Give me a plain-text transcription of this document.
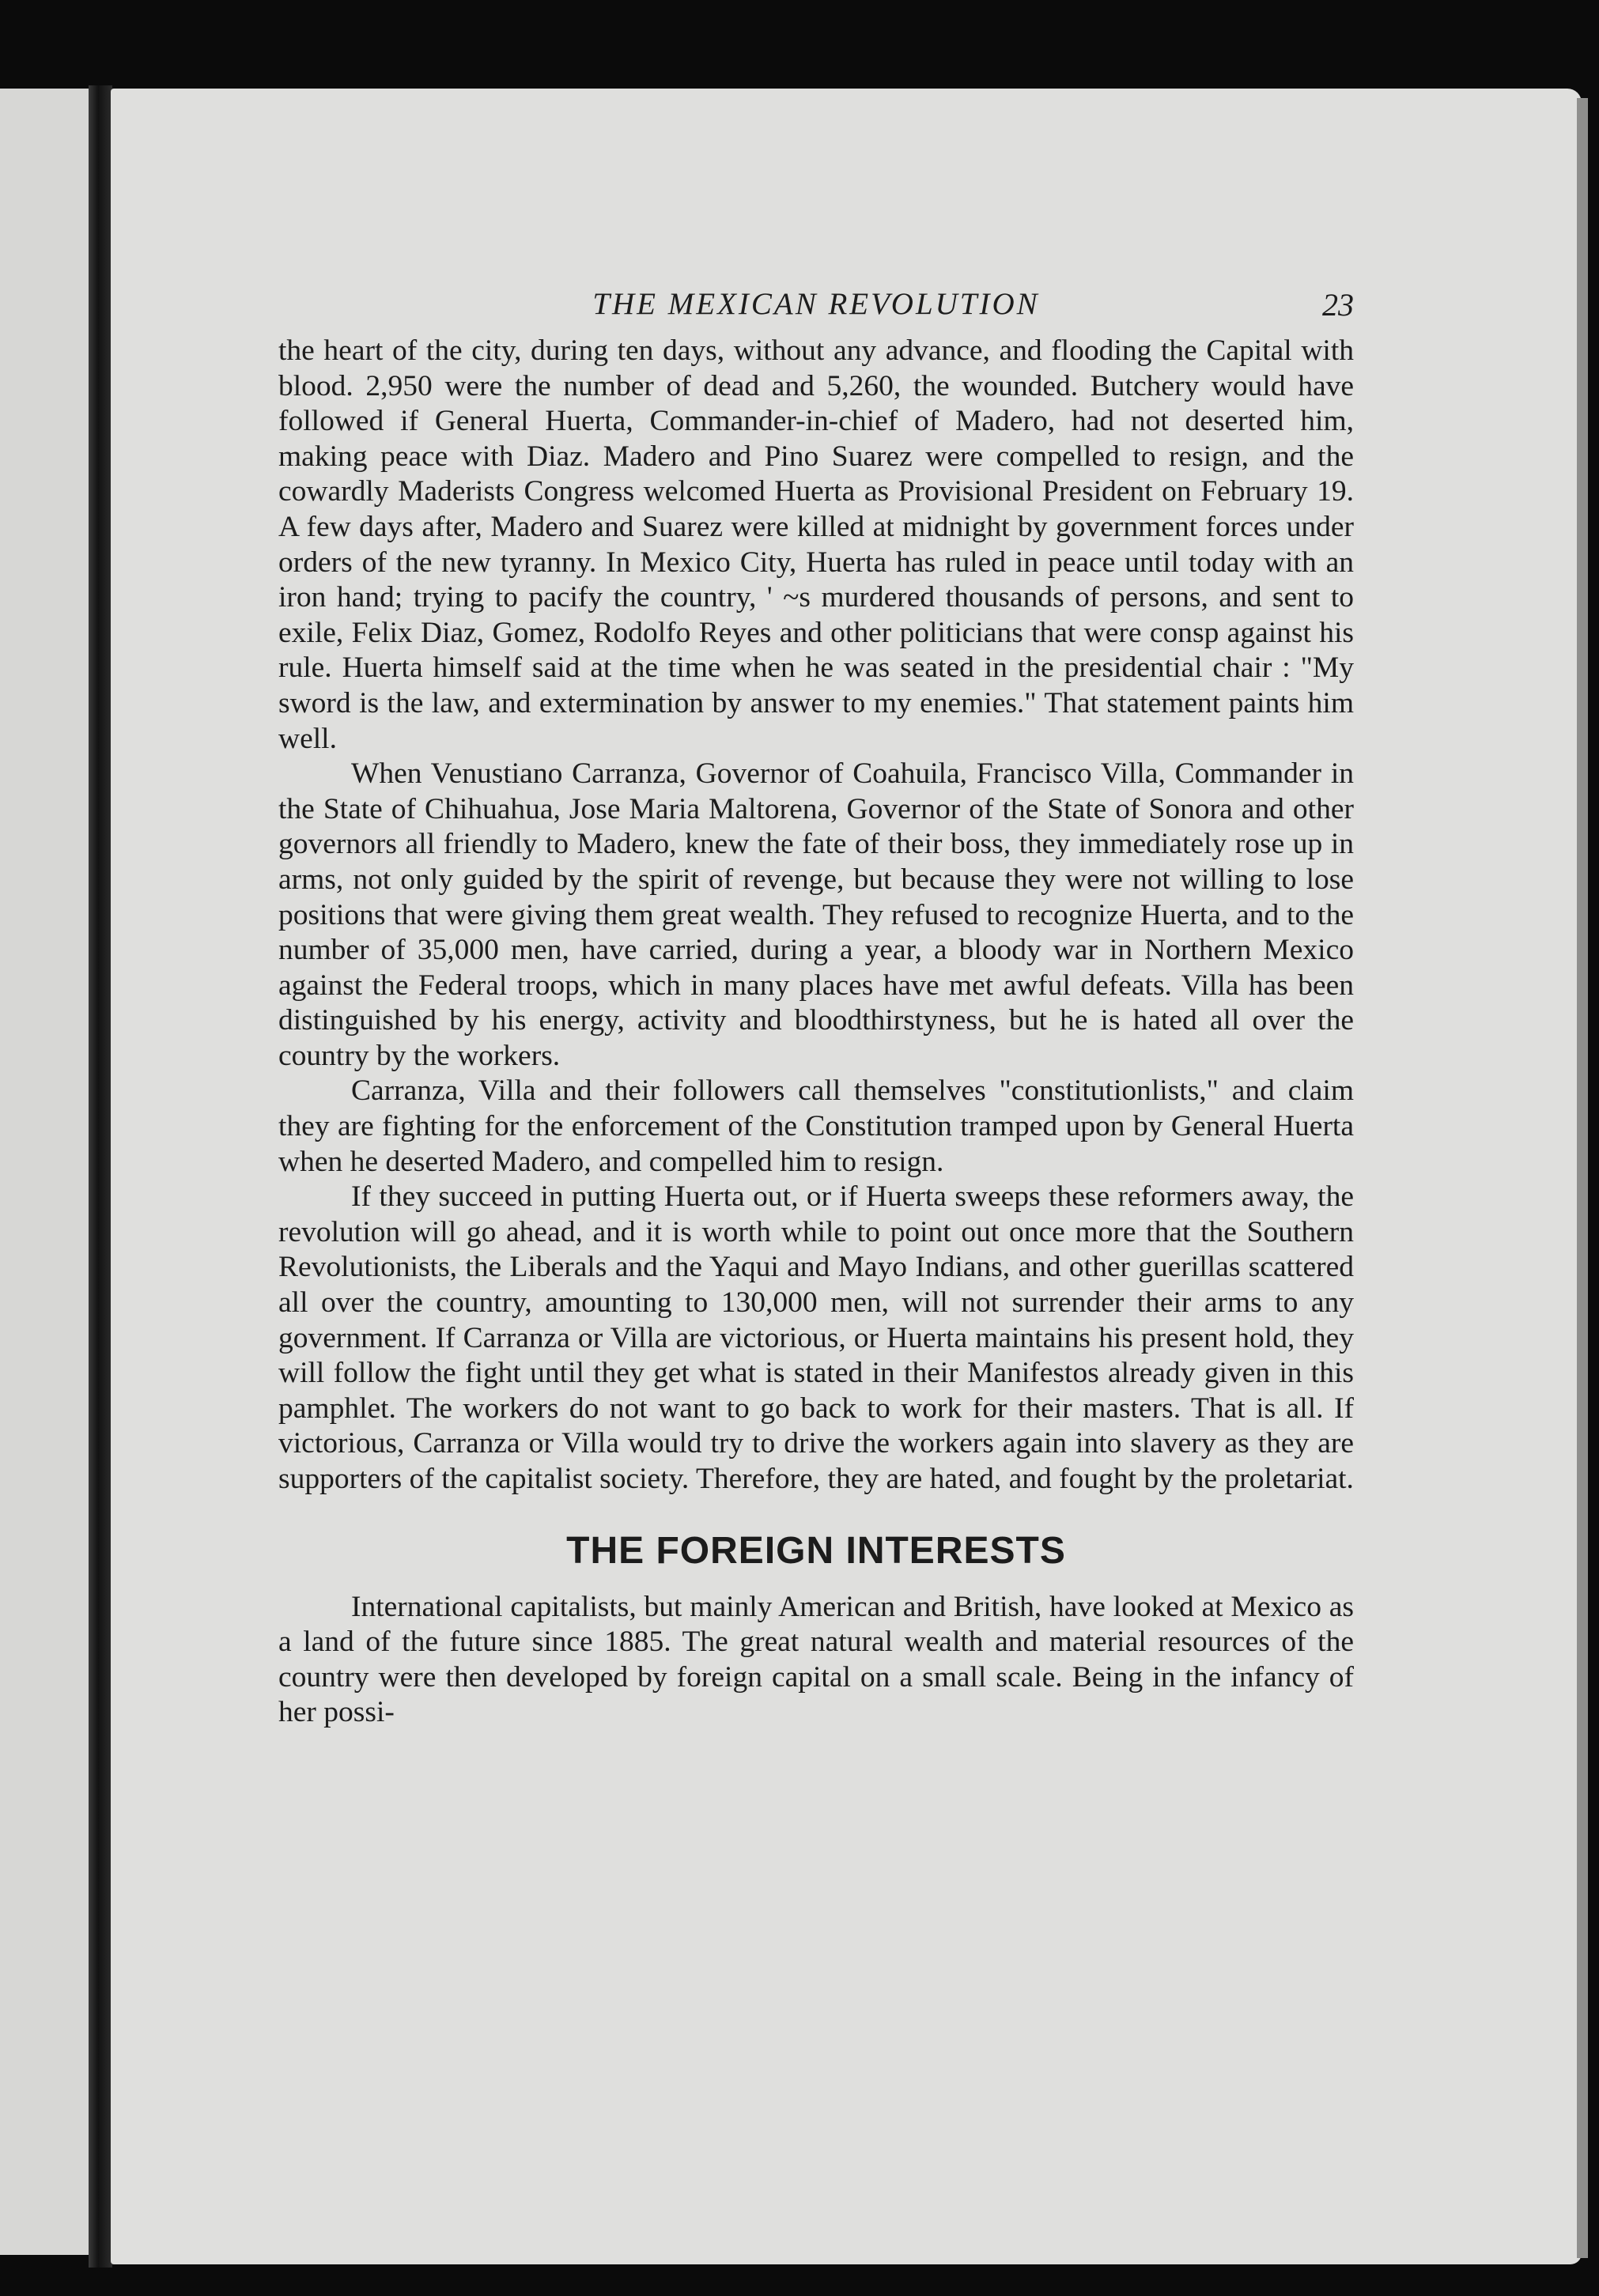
THE MEXICAN REVOLUTION	23

the heart of the city, during ten days, without any advance, and flooding the Capital with blood. 2,950 were the number of dead and 5,260, the wounded. Butchery would have followed if General Huerta, Commander-in-chief of Madero, had not deserted him, making peace with Diaz. Madero and Pino Suarez were compelled to resign, and the cowardly Maderists Congress welcomed Huerta as Provisional President on February 19. A few days after, Madero and Suarez were killed at midnight by government forces under orders of the new tyranny. In Mexico City, Huerta has ruled in peace until today with an iron hand; trying to pacify the country, ' ~s murdered thousands of persons, and sent to exile, Felix Diaz, Gomez, Rodolfo Reyes and other politicians that were consp against his rule. Huerta himself said at the time when he was seated in the presidential chair : "My sword is the law, and extermination by answer to my enemies." That statement paints him well.

When Venustiano Carranza, Governor of Coahuila, Francisco Villa, Commander in the State of Chihuahua, Jose Maria Maltorena, Governor of the State of Sonora and other governors all friendly to Madero, knew the fate of their boss, they immediately rose up in arms, not only guided by the spirit of revenge, but because they were not willing to lose positions that were giving them great wealth. They refused to recognize Huerta, and to the number of 35,000 men, have carried, during a year, a bloody war in Northern Mexico against the Federal troops, which in many places have met awful defeats. Villa has been distinguished by his energy, activity and bloodthirstyness, but he is hated all over the country by the workers.

Carranza, Villa and their followers call themselves "constitutionlists," and claim they are fighting for the enforcement of the Constitution tramped upon by General Huerta when he deserted Madero, and compelled him to resign.

If they succeed in putting Huerta out, or if Huerta sweeps these reformers away, the revolution will go ahead, and it is worth while to point out once more that the Southern Revolutionists, the Liberals and the Yaqui and Mayo Indians, and other guerillas scattered all over the country, amounting to 130,000 men, will not surrender their arms to any government. If Carranza or Villa are victorious, or Huerta maintains his present hold, they will follow the fight until they get what is stated in their Manifestos already given in this pamphlet. The workers do not want to go back to work for their masters. That is all. If victorious, Carranza or Villa would try to drive the workers again into slavery as they are supporters of the capitalist society. Therefore, they are hated, and fought by the proletariat.

THE FOREIGN INTERESTS

International capitalists, but mainly American and British, have looked at Mexico as a land of the future since 1885. The great natural wealth and material resources of the country were then developed by foreign capital on a small scale. Being in the infancy of her possi-
